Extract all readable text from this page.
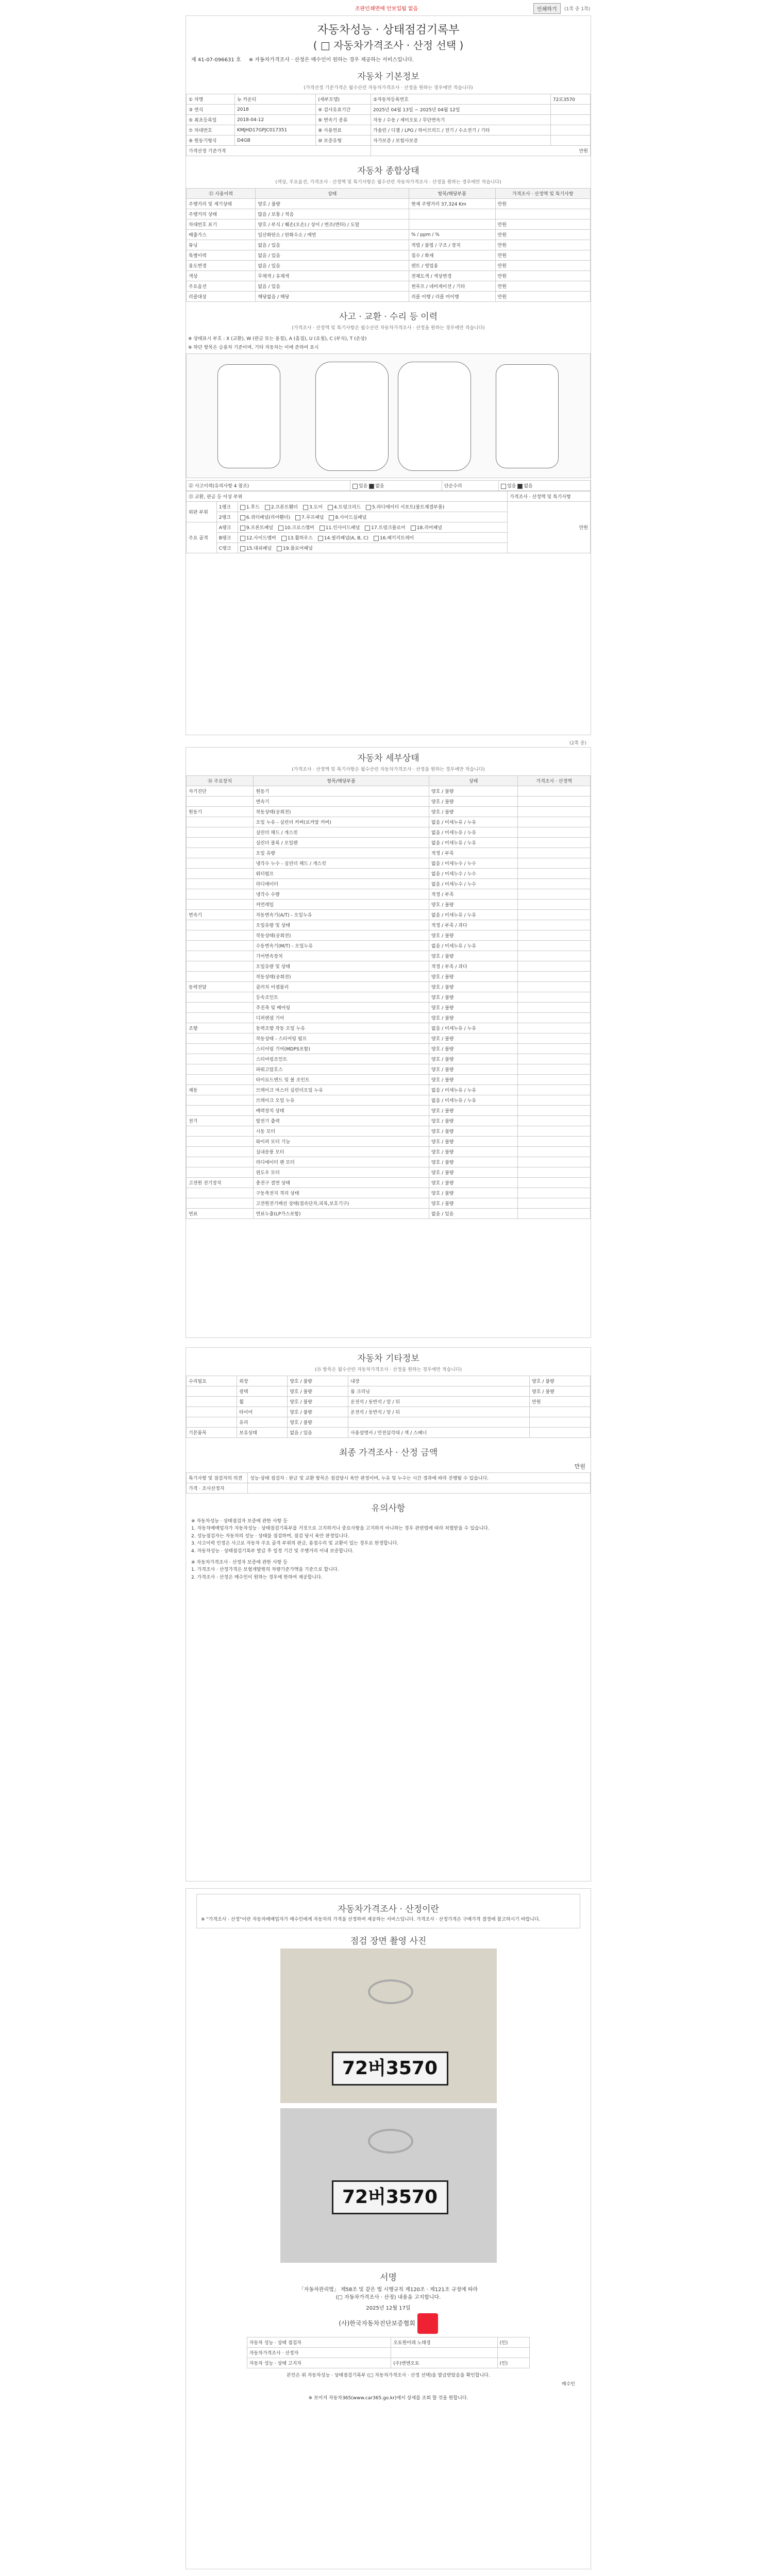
조판인쇄면에 안보입됩 없음	인쇄하기	(1쪽 중 1쪽)
자동차성능 · 상태점검기록부
( □ 자동차가격조사 · 산정 선택 )
제 41-07-096631 호 ※ 자동차가격조사 · 산정은 매수인이 원하는 경우 제공하는 서비스입니다.
자동차 기본정보
(가격산정 기준가격은 월수산린 자동차가격조사 · 산정을 원하는 경우에만 적습니다)
① 차명	뉴 카운티	(세부모델)	②자동차등록번호	72로3570
③ 연식	2018	④ 검사유효기간	2025년 04월 13일 ~ 2025년 04월 12일	
⑤ 최초등록일	2018-04-12	⑥ 변속기 종류	자동 / 수동 / 세미오토 / 무단변속기	
⑦ 차대번호	KMJHD17GPJC017351	⑧ 사용연료	가솔린 / 디젤 / LPG / 하이브리드 / 전기 / 수소전기 / 기타	
⑨ 원동기형식	D4GB	⑩ 보증유형	자가보증 / 보험사보증	
가격산정 기준가격			만원	
자동차 종합상태
(색상, 주요옵션, 가격조사 · 산정액 및 특기사항은 월수산린 자동차가격조사 · 산정을 원하는 경우에만 적습니다)
⑪ 사용이력	상태	항목/해당부품	가격조사 · 산정액 및 특기사항
주행거리 및 계기상태	양호 / 불량	현재 주행거리 37,324 Km	만원
주행거리 상태	많음 / 보통 / 적음		
차대번호 표기	양호 / 부식 / 훼손(오손) / 상이 / 변조(변타) / 도말		만원
배출가스	일산화탄소 / 탄화수소 / 매연	% / ppm / %	만원
튜닝	없음 / 있음	적법 / 불법 / 구조 / 장치	만원
특별이력	없음 / 있음	침수 / 화재	만원
용도변경	없음 / 있음	렌트 / 영업용	만원
색상	무채색 / 유채색	전체도색 / 색상변경	만원
주요옵션	없음 / 있음	썬루프 / 네비게이션 / 기타	만원
리콜대상	해당없음 / 해당	리콜 이행 / 리콜 미이행	만원
사고 · 교환 · 수리 등 이력
(가격조사 · 산정액 및 특기사항은 월수산린 자동차가격조사 · 산정을 원하는 경우에만 적습니다)
※ 상태표시 부호 : X (교환), W (판금 또는 용접), A (흠집), U (요철), C (부식), T (손상)
※ 하단 항목은 승용차 기준이며, 기타 자동차는 이에 준하여 표시
⑫ 사고이력(유의사항 4 참조)	있음 없음	단순수리	있음 없음
⑬ 교환, 판금 등 이상 부위			가격조사 · 산정액 및 특기사항
외판 부위	1랭크	1.후드 2.프론트휀더 3.도어 4.트렁크리드 5.라디에이터 서포트(볼트체결부품)	만원
	2랭크	6.쿼터패널(리어휀더) 7.루프패널 8.사이드실패널	
주요 골격	A랭크	9.프론트패널 10.크로스멤버 11.인사이드패널 17.트렁크플로어 18.리어패널	
	B랭크	12.사이드멤버 13.휠하우스 14.필러패널(A, B, C) 16.패키지트레이	
	C랭크	15.대쉬패널 19.플로어패널	
(2쪽 중)
자동차 세부상태
(가격조사 · 산정액 및 특기사항은 월수산린 자동차가격조사 · 산정을 원하는 경우에만 적습니다)
⑭ 주요장치	항목/해당부품	상태	가격조사 · 산정액
자기진단	원동기	양호 / 불량	
	변속기	양호 / 불량	
원동기	작동상태(공회전)	양호 / 불량	
	오일 누유 - 실린더 커버(로커암 커버)	없음 / 미세누유 / 누유	
	실린더 헤드 / 개스킷	없음 / 미세누유 / 누유	
	실린더 블록 / 오일팬	없음 / 미세누유 / 누유	
	오일 유량	적정 / 부족	
	냉각수 누수 - 실린더 헤드 / 개스킷	없음 / 미세누수 / 누수	
	워터펌프	없음 / 미세누수 / 누수	
	라디에이터	없음 / 미세누수 / 누수	
	냉각수 수량	적정 / 부족	
	커먼레일	양호 / 불량	
변속기	자동변속기(A/T) - 오일누유	없음 / 미세누유 / 누유	
	오일유량 및 상태	적정 / 부족 / 과다	
	작동상태(공회전)	양호 / 불량	
	수동변속기(M/T) - 오일누유	없음 / 미세누유 / 누유	
	기어변속장치	양호 / 불량	
	오일유량 및 상태	적정 / 부족 / 과다	
	작동상태(공회전)	양호 / 불량	
동력전달	클러치 어셈블리	양호 / 불량	
	등속조인트	양호 / 불량	
	추진축 및 베어링	양호 / 불량	
	디퍼렌셜 기어	양호 / 불량	
조향	동력조향 작동 오일 누유	없음 / 미세누유 / 누유	
	작동상태 - 스티어링 펌프	양호 / 불량	
	스티어링 기어(MDPS포함)	양호 / 불량	
	스티어링조인트	양호 / 불량	
	파워고압호스	양호 / 불량	
	타이로드엔드 및 볼 조인트	양호 / 불량	
제동	브레이크 마스터 실린더오일 누유	없음 / 미세누유 / 누유	
	브레이크 오일 누유	없음 / 미세누유 / 누유	
	배력장치 상태	양호 / 불량	
전기	발전기 출력	양호 / 불량	
	시동 모터	양호 / 불량	
	와이퍼 모터 기능	양호 / 불량	
	실내송풍 모터	양호 / 불량	
	라디에이터 팬 모터	양호 / 불량	
	윈도우 모터	양호 / 불량	
고전원 전기장치	충전구 절연 상태	양호 / 불량	
	구동축전지 격리 상태	양호 / 불량	
	고전원전기배선 상태(접속단자,피복,보호기구)	양호 / 불량	
연료	연료누출(LP가스포함)	없음 / 있음	
자동차 기타정보
(⑮ 항목은 월수산린 자동차가격조사 · 산정을 원하는 경우에만 적습니다)
수리필요	외장	양호 / 불량	내장	양호 / 불량
	광택	양호 / 불량	룸 크리닝	양호 / 불량
	휠	양호 / 불량	운전석 / 동반석 / 앞 / 뒤	만원
	타이어	양호 / 불량	운전석 / 동반석 / 앞 / 뒤	
	유리	양호 / 불량		
기본품목	보유상태	없음 / 있음	사용설명서 / 안전삼각대 / 잭 / 스패너	
최종 가격조사 · 산정 금액
만원
특기사항 및 점검자의 의견	성능·상태 점검자 : 판금 및 교환 항목은 점검당시 육안 판정이며, 누유 및 누수는 시간 경과에 따라 진행될 수 있습니다.
가격 · 조사산정자	
유의사항
※ 자동차성능 · 상태점검자 보증에 관한 사항 등
1. 자동차매매업자가 자동차성능 · 상태점검기록부를 거짓으로 고지하거나 중요사항을 고지하지 아니하는 경우 관련법에 따라 처벌받을 수 있습니다.
2. 성능점검자는 자동차의 성능 · 상태를 점검하며, 점검 당시 육안 판정입니다.
3. 사고이력 인정은 사고로 자동차 주요 골격 부위의 판금, 용접수리 및 교환이 있는 경우로 한정합니다.
4. 자동차성능 · 상태점검기록부 발급 후 일정 기간 및 주행거리 이내 보증합니다.
※ 자동차가격조사 · 산정자 보증에 관한 사항 등
1. 가격조사 · 산정가격은 보험개발원의 차량기준가액을 기준으로 합니다.
2. 가격조사 · 산정은 매수인이 원하는 경우에 한하여 제공합니다.
자동차가격조사 · 산정이란
※ "가격조사 · 산정"이란 자동차매매업자가 매수인에게 자동차의 가격을 산정하여 제공하는 서비스입니다. 가격조사 · 산정가격은 구매가격 결정에 참고하시기 바랍니다.
점검 장면 촬영 사진
72버3570
72버3570
서명
「자동차관리법」 제58조 및 같은 법 시행규칙 제120조 · 제121조 규정에 따라
(□ 자동차가격조사 · 산정) 내용을 고지합니다.
2025년 12월 17일
(사)한국자동차진단보증협회
자동차 성능 · 상태 점검자	오토원미래 노태경	(인)
자동차가격조사 · 산정자		
자동차 성능 · 상태 고지자	(주)엔엔오토	(인)
본인은 위 자동차성능 · 상태점검기록부 (□ 자동차가격조사 · 산정 선택)을 발급받았음을 확인합니다.
매수인
※ 보이지 자동차365(www.car365.go.kr)에서 상세를 조회 할 것을 원합니다.
